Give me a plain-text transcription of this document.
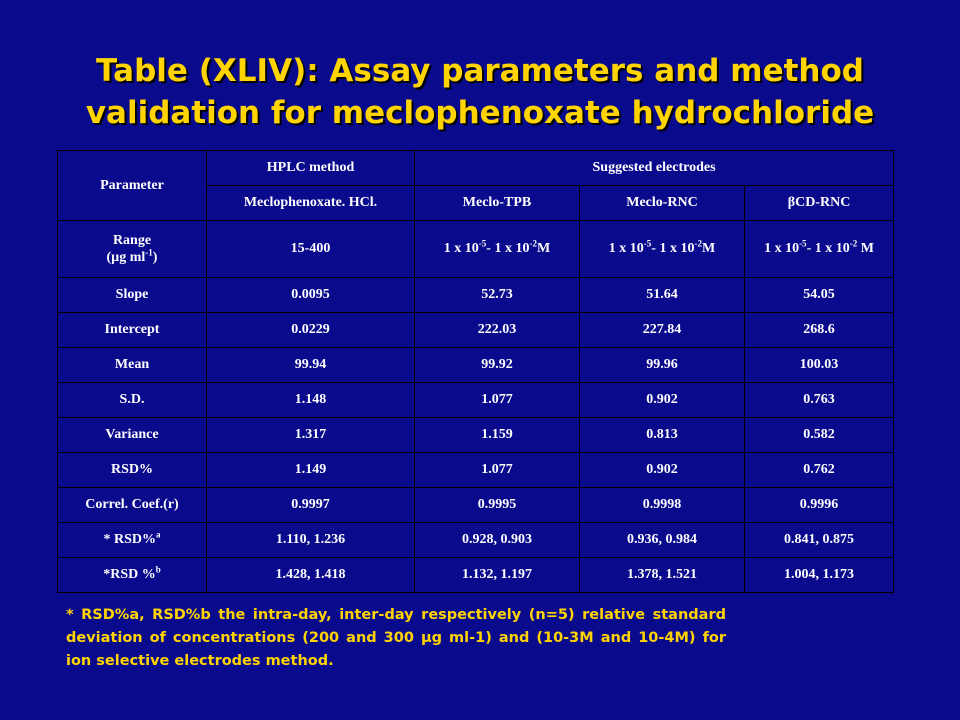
Table (XLIV): Assay parameters and method
validation for meclophenoxate hydrochloride
Parameter	HPLC method	Suggested electrodes		
	Meclophenoxate. HCl.	Meclo-TPB	Meclo-RNC	βCD-RNC
Range
(µg $ml^{-1}$)	15-400	1 x $10^{-5}-$ 1 x $10^{-2}M$	1 x $10^{-5}-$ 1 x $10^{-2}M$	1 x $10^{-5}-$ 1 x $10^{-2}$ M
Slope	0.0095	52.73	51.64	54.05
Intercept	0.0229	222.03	227.84	268.6
Mean	99.94	99.92	99.96	100.03
S.D.	1.148	1.077	0.902	0.763
Variance	1.317	1.159	0.813	0.582
RSD%	1.149	1.077	0.902	0.762
Correl. Coef.(r)	0.9997	0.9995	0.9998	0.9996
* RSD%$^a$	1.110, 1.236	0.928, 0.903	0.936, 0.984	0.841, 0.875
*RSD %$^b$	1.428, 1.418	1.132, 1.197	1.378, 1.521	1.004, 1.173
* RSD%a, RSD%b the intra-day, inter-day respectively (n=5) relative standard deviation of concentrations (200 and 300 µg ml-1) and (10-3M and 10-4M) for ion selective electrodes method.
